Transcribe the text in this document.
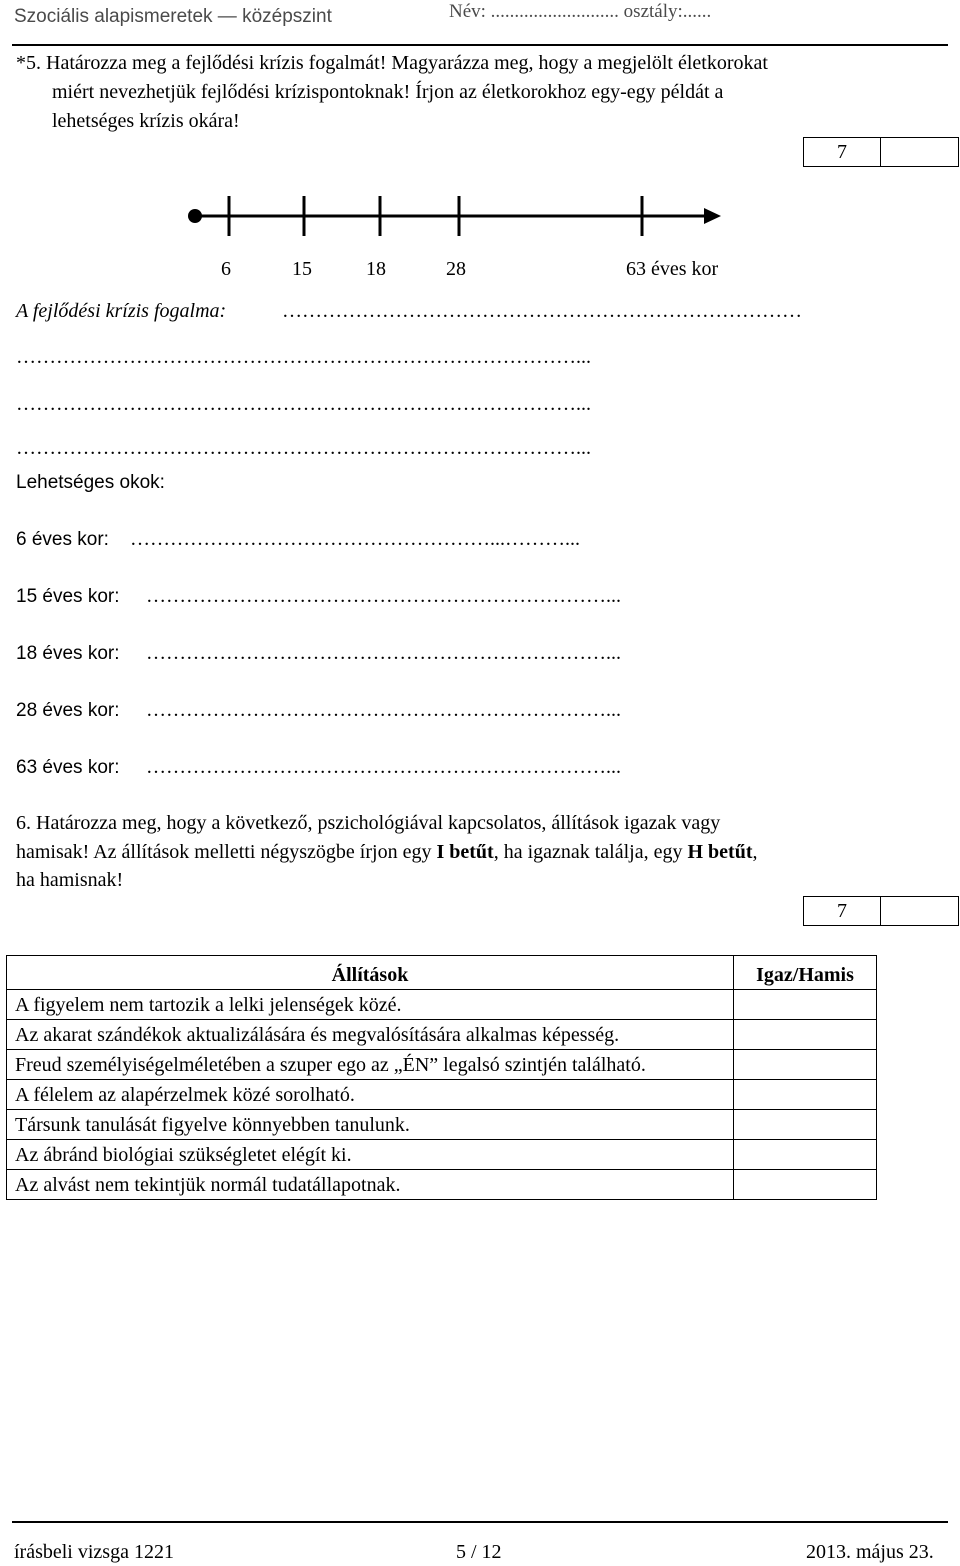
Szociális alapismeretek — középszint	Név: ........................... osztály:......
*5. Határozza meg a fejlődési krízis fogalmát! Magyarázza meg, hogy a megjelölt életkorokat
miért nevezhetjük fejlődési krízispontoknak! Írjon az életkorokhoz egy-egy példát a
lehetséges krízis okára!
7
6	15	18	28	63 éves kor
A fejlődési krízis fogalma:	……………………………………………………………………
…………………………………………………………………………...
…………………………………………………………………………...
…………………………………………………………………………...
Lehetséges okok:
6 éves kor: ………………………………………………...………...
15 éves kor: ……………………………………………………………...
18 éves kor: ……………………………………………………………...
28 éves kor: ……………………………………………………………...
63 éves kor: ……………………………………………………………...
6. Határozza meg, hogy a következő, pszichológiával kapcsolatos, állítások igazak vagy
hamisak! Az állítások melletti négyszögbe írjon egy I betűt, ha igaznak találja, egy H betűt,
ha hamisnak!
7
Állítások	Igaz/Hamis
A figyelem nem tartozik a lelki jelenségek közé.	
Az akarat szándékok aktualizálására és megvalósítására alkalmas képesség.	
Freud személyiségelméletében a szuper ego az „ÉN” legalsó szintjén található.	
A félelem az alapérzelmek közé sorolható.	
Társunk tanulását figyelve könnyebben tanulunk.	
Az ábránd biológiai szükségletet elégít ki.	
Az alvást nem tekintjük normál tudatállapotnak.	
írásbeli vizsga 1221	5 / 12	2013. május 23.
